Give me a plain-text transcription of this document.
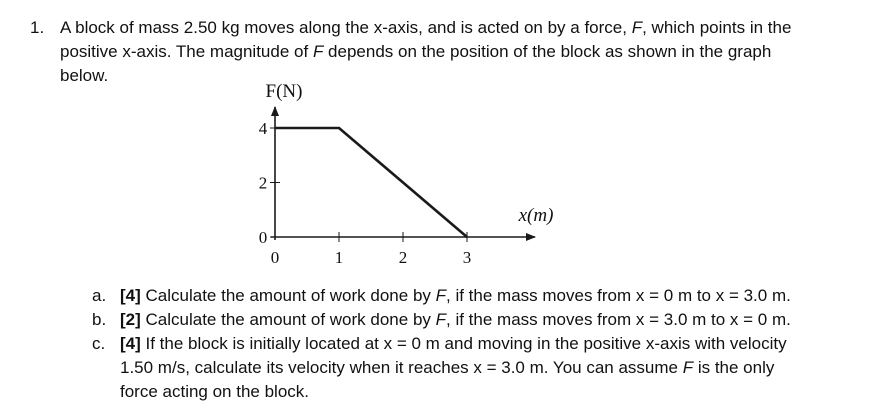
1. A block of mass 2.50 kg moves along the x-axis, and is acted on by a force, F, which points in the
positive x-axis. The magnitude of F depends on the position of the block as shown in the graph
below.
F(N)
x(m)
0	1	2	3
0
2
4
a. [4] Calculate the amount of work done by F, if the mass moves from x = 0 m to x = 3.0 m.
b. [2] Calculate the amount of work done by F, if the mass moves from x = 3.0 m to x = 0 m.
c. [4] If the block is initially located at x = 0 m and moving in the positive x-axis with velocity
1.50 m/s, calculate its velocity when it reaches x = 3.0 m. You can assume F is the only
force acting on the block.
